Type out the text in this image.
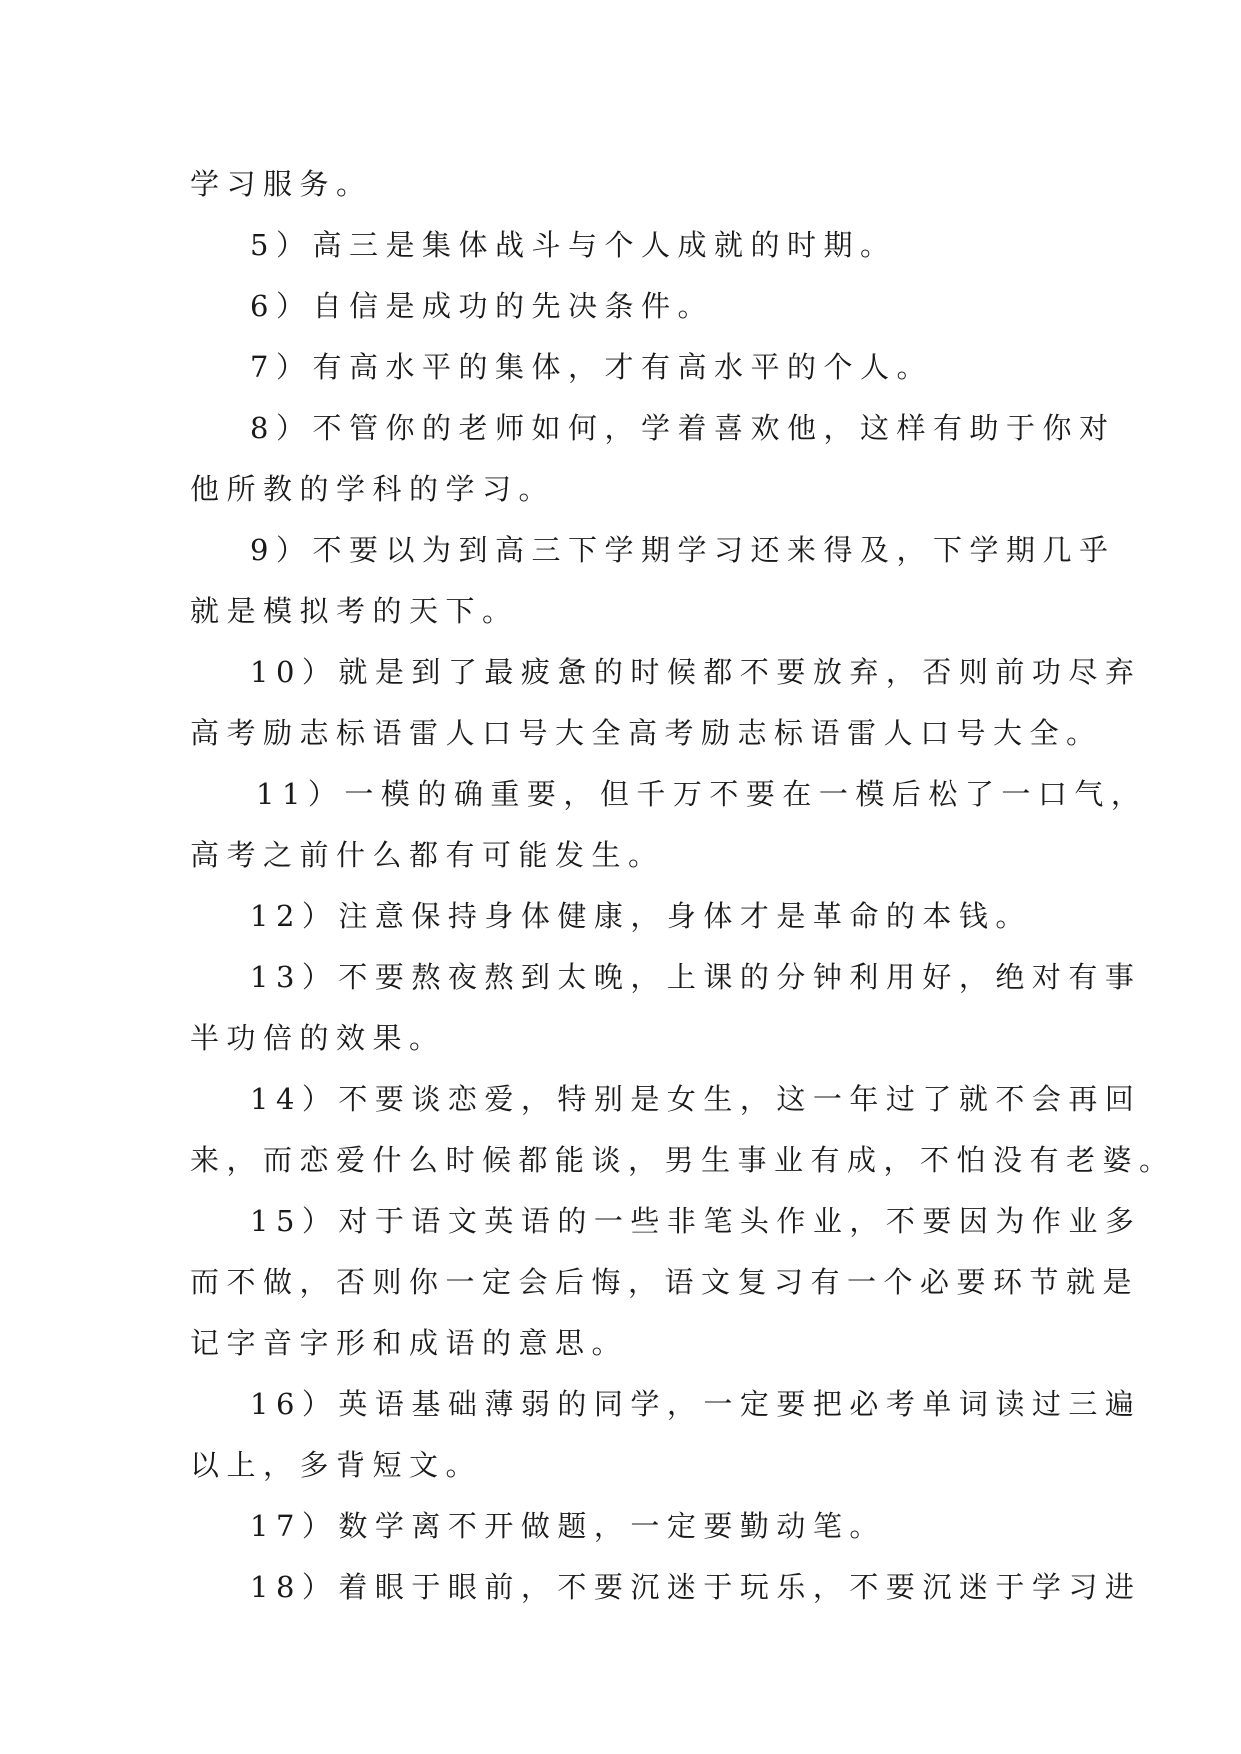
学习服务。
5）高三是集体战斗与个人成就的时期。
6）自信是成功的先决条件。
7）有高水平的集体，才有高水平的个人。
8）不管你的老师如何，学着喜欢他，这样有助于你对
他所教的学科的学习。
9）不要以为到高三下学期学习还来得及，下学期几乎
就是模拟考的天下。
10）就是到了最疲惫的时候都不要放弃，否则前功尽弃
高考励志标语雷人口号大全高考励志标语雷人口号大全。
11）一模的确重要，但千万不要在一模后松了一口气，
高考之前什么都有可能发生。
12）注意保持身体健康，身体才是革命的本钱。
13）不要熬夜熬到太晚，上课的分钟利用好，绝对有事
半功倍的效果。
14）不要谈恋爱，特别是女生，这一年过了就不会再回
来，而恋爱什么时候都能谈，男生事业有成，不怕没有老婆。
15）对于语文英语的一些非笔头作业，不要因为作业多
而不做，否则你一定会后悔，语文复习有一个必要环节就是
记字音字形和成语的意思。
16）英语基础薄弱的同学，一定要把必考单词读过三遍
以上，多背短文。
17）数学离不开做题，一定要勤动笔。
18）着眼于眼前，不要沉迷于玩乐，不要沉迷于学习进
